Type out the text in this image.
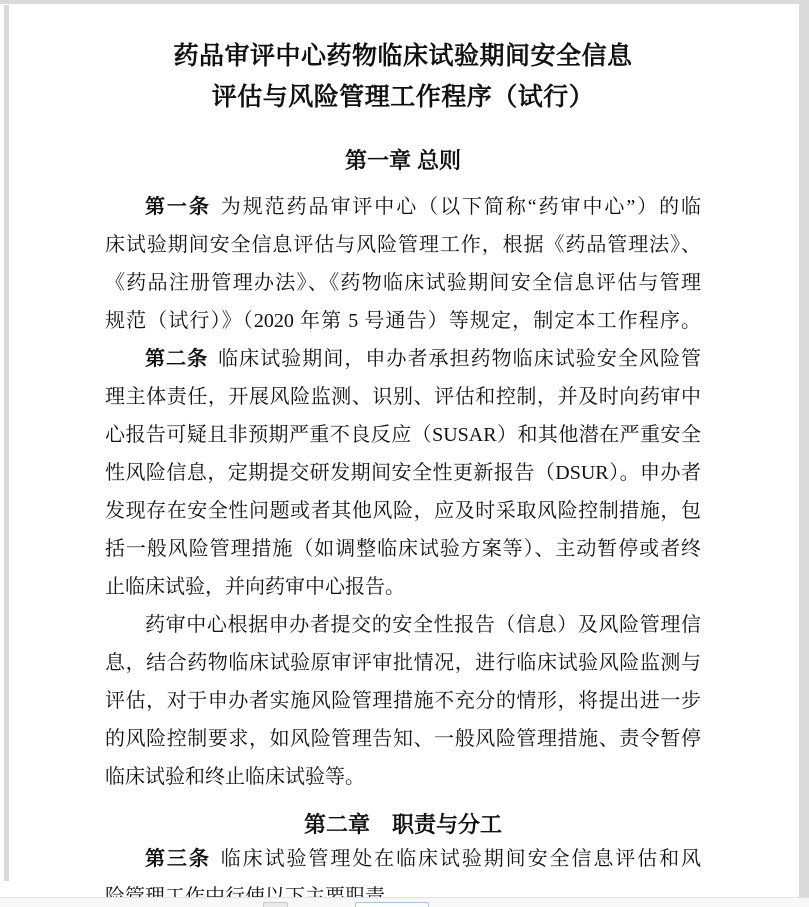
药品审评中心药物临床试验期间安全信息
评估与风险管理工作程序（试行）
第一章 总则
第一条 为规范药品审评中心（以下简称“药审中心”）的临
床试验期间安全信息评估与风险管理工作，根据《药品管理法》、
《药品注册管理办法》、《药物临床试验期间安全信息评估与管理
规范（试行）》（2020 年第 5 号通告）等规定，制定本工作程序。
第二条 临床试验期间，申办者承担药物临床试验安全风险管
理主体责任，开展风险监测、识别、评估和控制，并及时向药审中
心报告可疑且非预期严重不良反应（SUSAR）和其他潜在严重安全
性风险信息，定期提交研发期间安全性更新报告（DSUR）。申办者
发现存在安全性问题或者其他风险，应及时采取风险控制措施，包
括一般风险管理措施（如调整临床试验方案等）、主动暂停或者终
止临床试验，并向药审中心报告。
药审中心根据申办者提交的安全性报告（信息）及风险管理信
息，结合药物临床试验原审评审批情况，进行临床试验风险监测与
评估，对于申办者实施风险管理措施不充分的情形，将提出进一步
的风险控制要求，如风险管理告知、一般风险管理措施、责令暂停
临床试验和终止临床试验等。
第二章　职责与分工
第三条 临床试验管理处在临床试验期间安全信息评估和风
